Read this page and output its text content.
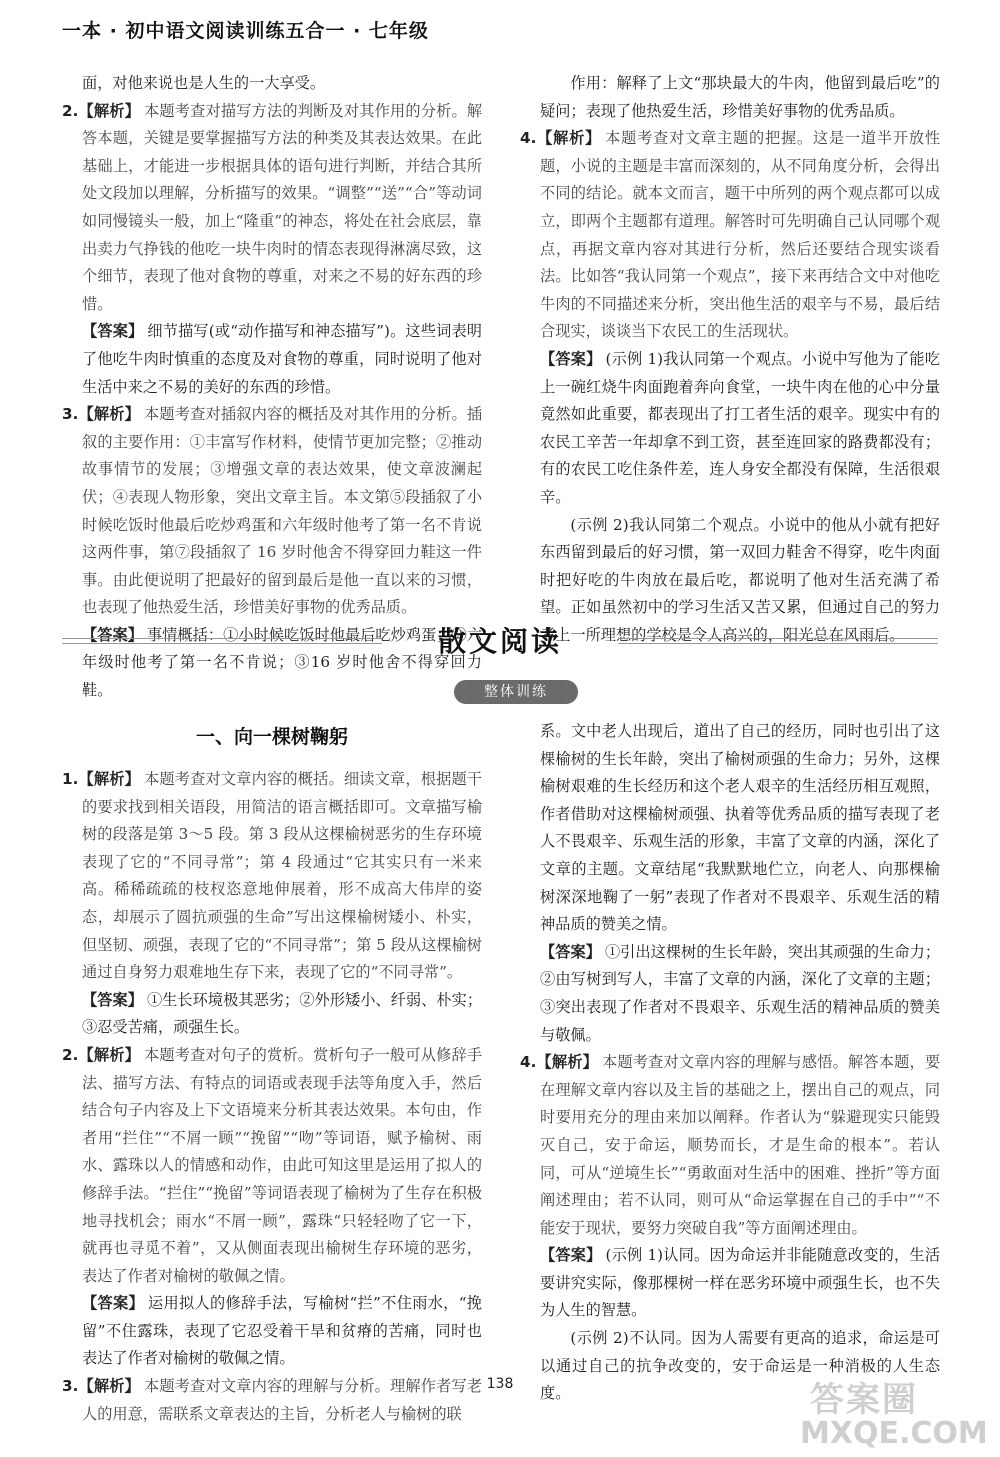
一本 · 初中语文阅读训练五合一 · 七年级

面，对他来说也是人生的一大享受。

2.【解析】 本题考查对描写方法的判断及对其作用的分析。解答本题，关键是要掌握描写方法的种类及其表达效果。在此基础上，才能进一步根据具体的语句进行判断，并结合其所处文段加以理解，分析描写的效果。“调整”“送”“合”等动词如同慢镜头一般，加上“隆重”的神态，将处在社会底层，靠出卖力气挣钱的他吃一块牛肉时的情态表现得淋漓尽致，这个细节，表现了他对食物的尊重，对来之不易的好东西的珍惜。

【答案】 细节描写(或“动作描写和神态描写”)。这些词表明了他吃牛肉时慎重的态度及对食物的尊重，同时说明了他对生活中来之不易的美好的东西的珍惜。

3.【解析】 本题考查对插叙内容的概括及对其作用的分析。插叙的主要作用：①丰富写作材料，使情节更加完整；②推动故事情节的发展；③增强文章的表达效果，使文章波澜起伏；④表现人物形象，突出文章主旨。本文第⑤段插叙了小时候吃饭时他最后吃炒鸡蛋和六年级时他考了第一名不肯说这两件事，第⑦段插叙了 16 岁时他舍不得穿回力鞋这一件事。由此便说明了把最好的留到最后是他一直以来的习惯，也表现了他热爱生活，珍惜美好事物的优秀品质。

【答案】 事情概括：①小时候吃饭时他最后吃炒鸡蛋；②六年级时他考了第一名不肯说；③16 岁时他舍不得穿回力鞋。

作用：解释了上文“那块最大的牛肉，他留到最后吃”的疑问；表现了他热爱生活，珍惜美好事物的优秀品质。

4.【解析】 本题考查对文章主题的把握。这是一道半开放性题，小说的主题是丰富而深刻的，从不同角度分析，会得出不同的结论。就本文而言，题干中所列的两个观点都可以成立，即两个主题都有道理。解答时可先明确自己认同哪个观点，再据文章内容对其进行分析，然后还要结合现实谈看法。比如答“我认同第一个观点”，接下来再结合文中对他吃牛肉的不同描述来分析，突出他生活的艰辛与不易，最后结合现实，谈谈当下农民工的生活现状。

【答案】 (示例 1)我认同第一个观点。小说中写他为了能吃上一碗红烧牛肉面跑着奔向食堂，一块牛肉在他的心中分量竟然如此重要，都表现出了打工者生活的艰辛。现实中有的农民工辛苦一年却拿不到工资，甚至连回家的路费都没有；有的农民工吃住条件差，连人身安全都没有保障，生活很艰辛。

(示例 2)我认同第二个观点。小说中的他从小就有把好东西留到最后的好习惯，第一双回力鞋舍不得穿，吃牛肉面时把好吃的牛肉放在最后吃，都说明了他对生活充满了希望。正如虽然初中的学习生活又苦又累，但通过自己的努力考上一所理想的学校是令人高兴的，阳光总在风雨后。

散文阅读
整体训练
一、向一棵树鞠躬

1.【解析】 本题考查对文章内容的概括。细读文章，根据题干的要求找到相关语段，用简洁的语言概括即可。文章描写榆树的段落是第 3～5 段。第 3 段从这棵榆树恶劣的生存环境表现了它的“不同寻常”；第 4 段通过“它其实只有一米来高。稀稀疏疏的枝杈恣意地伸展着，形不成高大伟岸的姿态，却展示了圆抗顽强的生命”写出这棵榆树矮小、朴实，但坚韧、顽强，表现了它的“不同寻常”；第 5 段从这棵榆树通过自身努力艰难地生存下来，表现了它的“不同寻常”。

【答案】 ①生长环境极其恶劣；②外形矮小、纤弱、朴实；③忍受苦痛，顽强生长。

2.【解析】 本题考查对句子的赏析。赏析句子一般可从修辞手法、描写方法、有特点的词语或表现手法等角度入手，然后结合句子内容及上下文语境来分析其表达效果。本句由，作者用“拦住”“不屑一顾”“挽留”“吻”等词语，赋予榆树、雨水、露珠以人的情感和动作，由此可知这里是运用了拟人的修辞手法。“拦住”“挽留”等词语表现了榆树为了生存在积极地寻找机会；雨水“不屑一顾”，露珠“只轻轻吻了它一下，就再也寻觅不着”，又从侧面表现出榆树生存环境的恶劣，表达了作者对榆树的敬佩之情。

【答案】 运用拟人的修辞手法，写榆树“拦”不住雨水，“挽留”不住露珠，表现了它忍受着干旱和贫瘠的苦痛，同时也表达了作者对榆树的敬佩之情。

3.【解析】 本题考查对文章内容的理解与分析。理解作者写老人的用意，需联系文章表达的主旨，分析老人与榆树的联

系。文中老人出现后，道出了自己的经历，同时也引出了这棵榆树的生长年龄，突出了榆树顽强的生命力；另外，这棵榆树艰难的生长经历和这个老人艰辛的生活经历相互观照，作者借助对这棵榆树顽强、执着等优秀品质的描写表现了老人不畏艰辛、乐观生活的形象，丰富了文章的内涵，深化了文章的主题。文章结尾“我默默地伫立，向老人、向那棵榆树深深地鞠了一躬”表现了作者对不畏艰辛、乐观生活的精神品质的赞美之情。

【答案】 ①引出这棵树的生长年龄，突出其顽强的生命力；②由写树到写人，丰富了文章的内涵，深化了文章的主题；③突出表现了作者对不畏艰辛、乐观生活的精神品质的赞美与敬佩。

4.【解析】 本题考查对文章内容的理解与感悟。解答本题，要在理解文章内容以及主旨的基础之上，摆出自己的观点，同时要用充分的理由来加以阐释。作者认为“躲避现实只能毁灭自己，安于命运，顺势而长，才是生命的根本”。若认同，可从“逆境生长”“勇敢面对生活中的困难、挫折”等方面阐述理由；若不认同，则可从“命运掌握在自己的手中”“不能安于现状，要努力突破自我”等方面阐述理由。

【答案】 (示例 1)认同。因为命运并非能随意改变的，生活要讲究实际，像那棵树一样在恶劣环境中顽强生长，也不失为人生的智慧。

(示例 2)不认同。因为人需要有更高的追求，命运是可以通过自己的抗争改变的，安于命运是一种消极的人生态度。

138	答案圈
MXQE.COM
